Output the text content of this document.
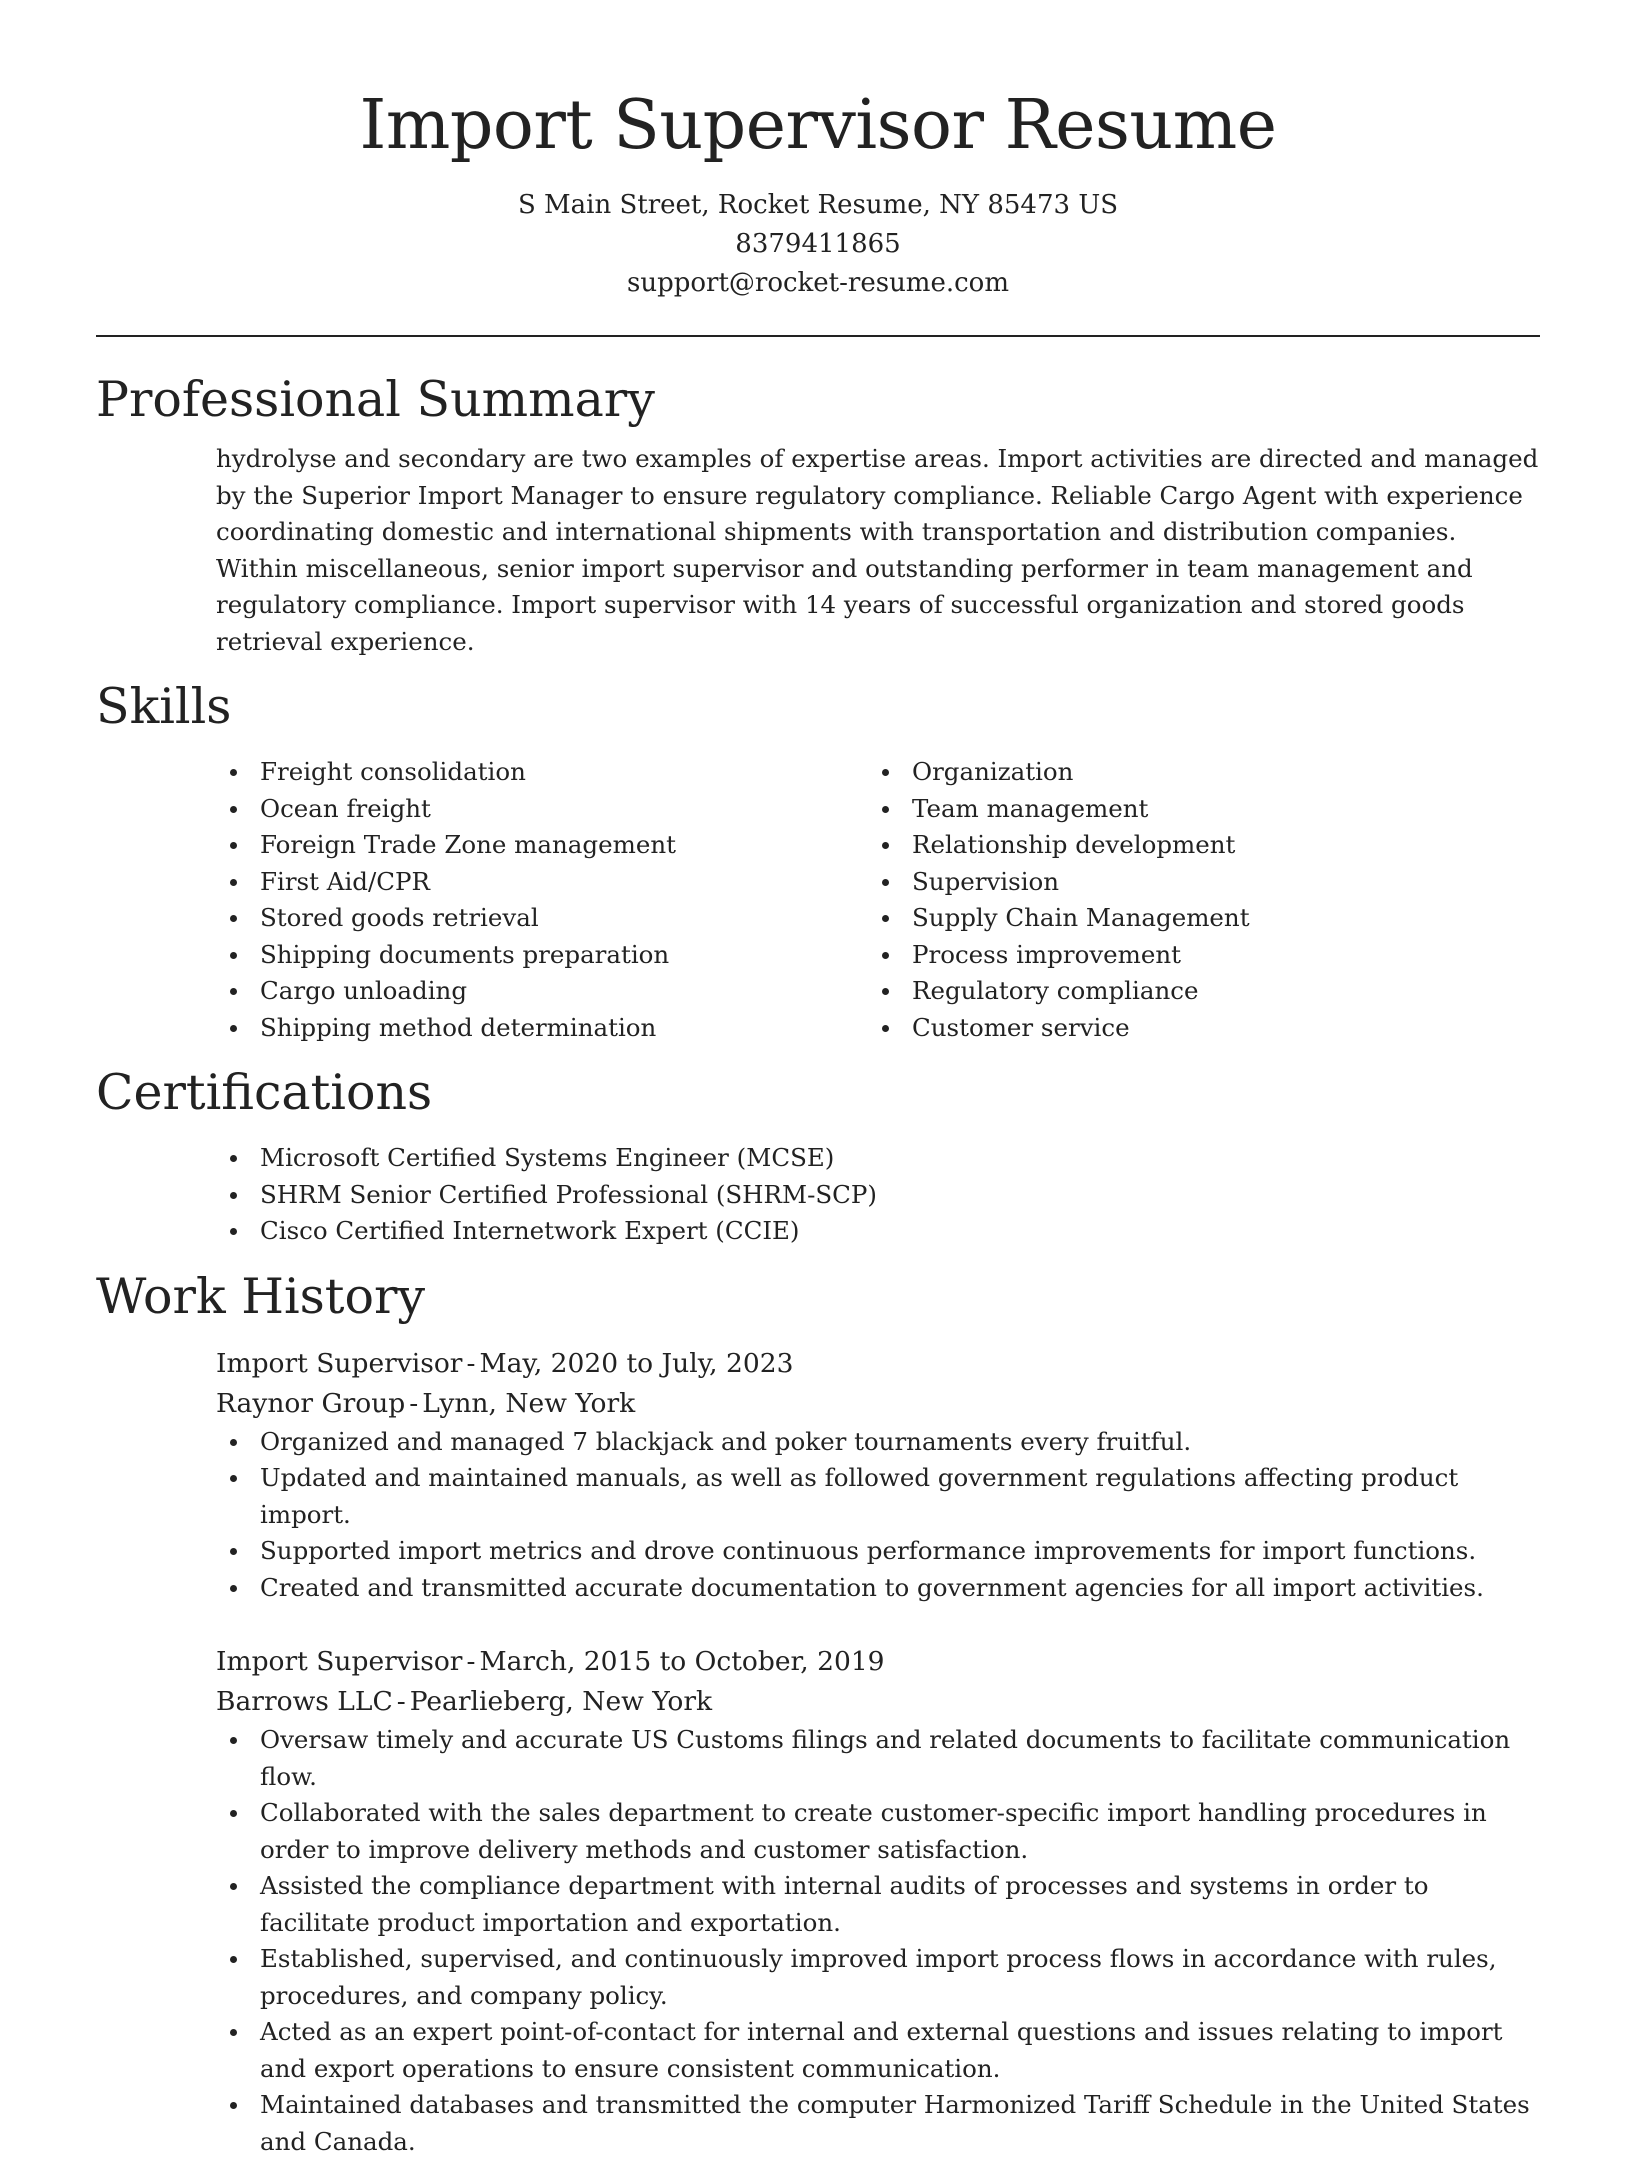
Import Supervisor Resume
S Main Street, Rocket Resume, NY 85473 US
8379411865
support@rocket-resume.com
Professional Summary
hydrolyse and secondary are two examples of expertise areas. Import activities are directed and managed by the Superior Import Manager to ensure regulatory compliance. Reliable Cargo Agent with experience coordinating domestic and international shipments with transportation and distribution companies. Within miscellaneous, senior import supervisor and outstanding performer in team management and regulatory compliance. Import supervisor with 14 years of successful organization and stored goods retrieval experience.
Skills
Freight consolidation
Ocean freight
Foreign Trade Zone management
First Aid/CPR
Stored goods retrieval
Shipping documents preparation
Cargo unloading
Shipping method determination
Organization
Team management
Relationship development
Supervision
Supply Chain Management
Process improvement
Regulatory compliance
Customer service
Certifications
Microsoft Certified Systems Engineer (MCSE)
SHRM Senior Certified Professional (SHRM-SCP)
Cisco Certified Internetwork Expert (CCIE)
Work History
Import Supervisor - May, 2020 to July, 2023
Raynor Group - Lynn, New York
Organized and managed 7 blackjack and poker tournaments every fruitful.
Updated and maintained manuals, as well as followed government regulations affecting product import.
Supported import metrics and drove continuous performance improvements for import functions.
Created and transmitted accurate documentation to government agencies for all import activities.
Import Supervisor - March, 2015 to October, 2019
Barrows LLC - Pearlieberg, New York
Oversaw timely and accurate US Customs filings and related documents to facilitate communication flow.
Collaborated with the sales department to create customer-specific import handling procedures in order to improve delivery methods and customer satisfaction.
Assisted the compliance department with internal audits of processes and systems in order to facilitate product importation and exportation.
Established, supervised, and continuously improved import process flows in accordance with rules, procedures, and company policy.
Acted as an expert point-of-contact for internal and external questions and issues relating to import and export operations to ensure consistent communication.
Maintained databases and transmitted the computer Harmonized Tariff Schedule in the United States and Canada.
